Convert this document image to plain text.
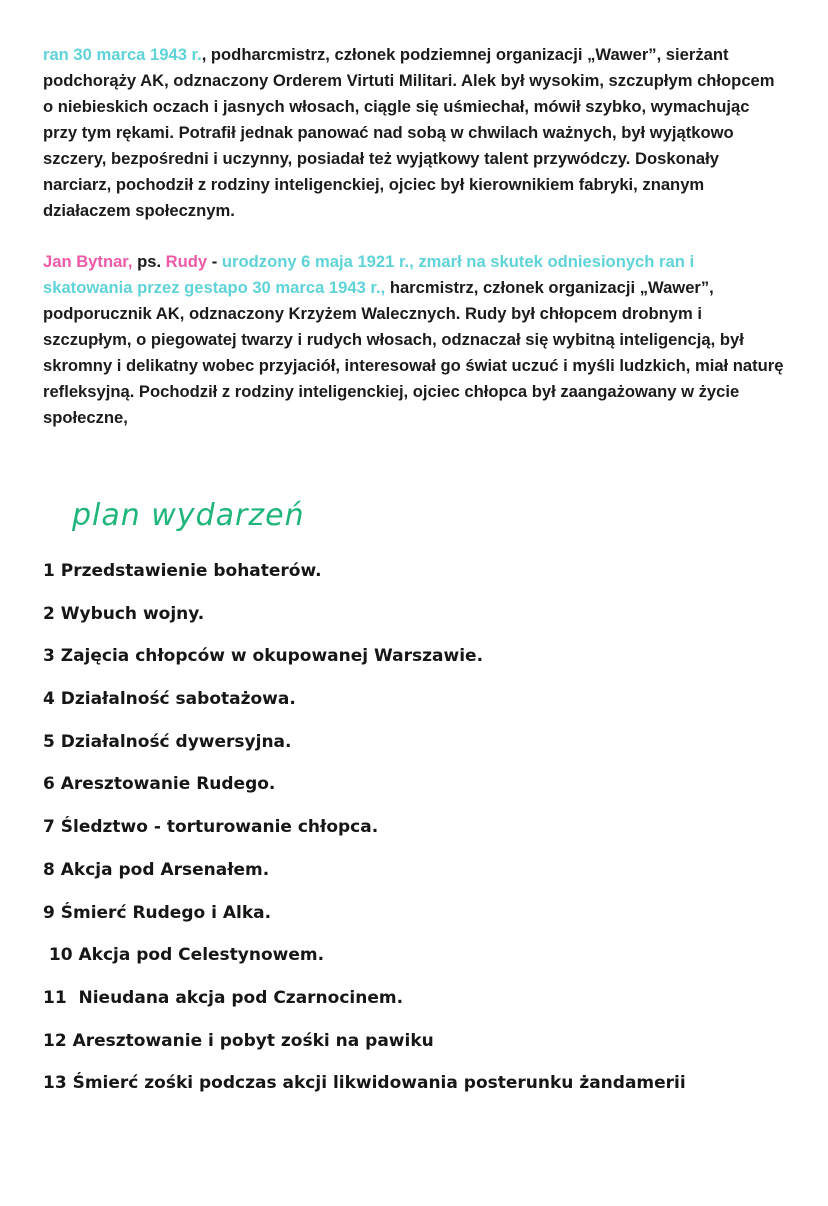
ran 30 marca 1943 r., podharcmistrz, członek podziemnej organizacji „Wawer”, sierżant podchorąży AK, odznaczony Orderem Virtuti Militari. Alek był wysokim, szczupłym chłopcem o niebieskich oczach i jasnych włosach, ciągle się uśmiechał, mówił szybko, wymachując przy tym rękami. Potrafił jednak panować nad sobą w chwilach ważnych, był wyjątkowo szczery, bezpośredni i uczynny, posiadał też wyjątkowy talent przywódczy. Doskonały narciarz, pochodził z rodziny inteligenckiej, ojciec był kierownikiem fabryki, znanym działaczem społecznym.

Jan Bytnar, ps. Rudy - urodzony 6 maja 1921 r., zmarł na skutek odniesionych ran i skatowania przez gestapo 30 marca 1943 r., harcmistrz, członek organizacji „Wawer”, podporucznik AK, odznaczony Krzyżem Walecznych. Rudy był chłopcem drobnym i szczupłym, o piegowatej twarzy i rudych włosach, odznaczał się wybitną inteligencją, był skromny i delikatny wobec przyjaciół, interesował go świat uczuć i myśli ludzkich, miał naturę refleksyjną. Pochodził z rodziny inteligenckiej, ojciec chłopca był zaangażowany w życie społeczne,

plan wydarzeń
1 Przedstawienie bohaterów.
2 Wybuch wojny.
3 Zajęcia chłopców w okupowanej Warszawie.
4 Działalność sabotażowa.
5 Działalność dywersyjna.
6 Aresztowanie Rudego.
7 Śledztwo - torturowanie chłopca.
8 Akcja pod Arsenałem.
9 Śmierć Rudego i Alka.
10 Akcja pod Celestynowem.
11  Nieudana akcja pod Czarnocinem.
12 Aresztowanie i pobyt zośki na pawiku
13 Śmierć zośki podczas akcji likwidowania posterunku żandamerii
